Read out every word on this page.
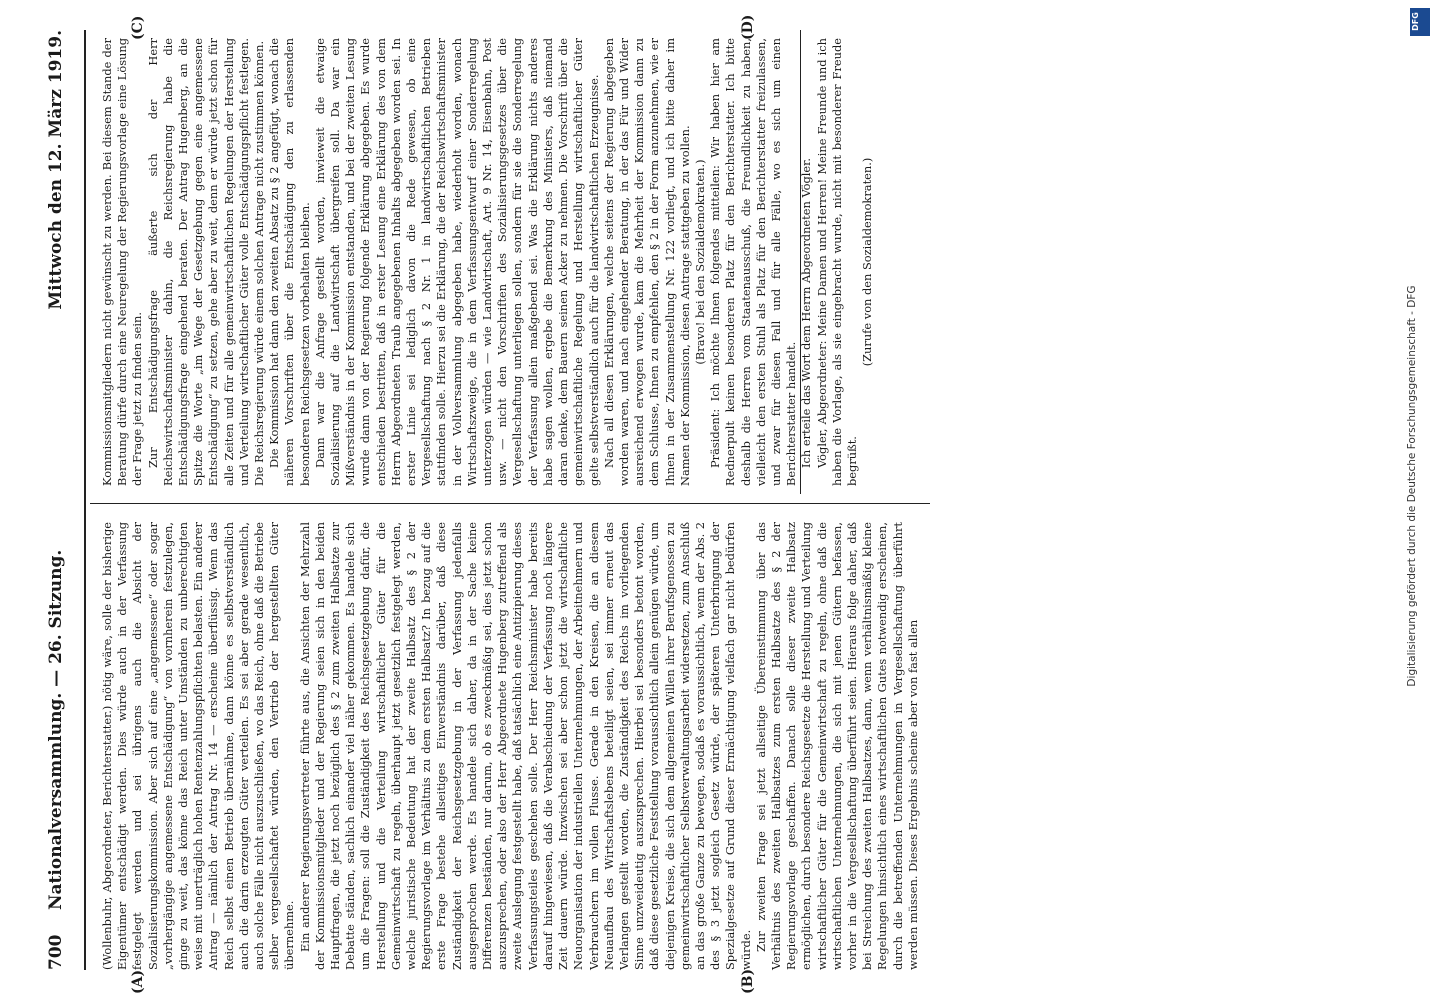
700
Nationalversammlung. — 26. Sitzung.
Mittwoch den 12. März 1919.

(Wollenbuhr, Abgeordneter, Berichterstatter.) nötig wäre, solle der bisherige Eigentümer entschädigt werden. Dies würde auch in der Verfassung festgelegt werden und sei übrigens auch die Absicht der Sozialisierungskommission. Aber sich auf eine „angemessene“ oder sogar „vorhergängige angemessene Entschädigung“ von vornherein festzulegen, ginge zu weit, das könne das Reich unter Umständen zu unberechtigten weise mit unerträglich hohen Rentenzahlungspflichten belasten. Ein anderer Antrag — nämlich der Antrag Nr. 14 — erscheine überflüssig. Wenn das Reich selbst einen Betrieb übernähme, dann könne es selbstverständlich auch die darin erzeugten Güter verteilen. Es sei aber gerade wesentlich, auch solche Fälle nicht auszuschließen, wo das Reich, ohne daß die Betriebe selber vergesellschaftet würden, den Vertrieb der hergestellten Güter übernehme. Ein anderer Regierungsvertreter führte aus, die Ansichten der Mehrzahl der Kommissionsmitglieder und der Regierung seien sich in den beiden Hauptfragen, die jetzt noch bezüglich des § 2 zum zweiten Halbsatze zur Debatte ständen, sachlich einander viel näher gekommen. Es handele sich um die Fragen: soll die Zuständigkeit des Reichsgesetzgebung dafür, die Herstellung und die Verteilung wirtschaftlicher Güter für die Gemeinwirtschaft zu regeln, überhaupt jetzt gesetzlich festgelegt werden, welche juristische Bedeutung hat der zweite Halbsatz des § 2 der Regierungsvorlage im Verhältnis zu dem ersten Halbsatz? In bezug auf die erste Frage bestehe allseitiges Einverständnis darüber, daß diese Zuständigkeit der Reichsgesetzgebung in der Verfassung jedenfalls ausgesprochen werde. Es handele sich daher, da in der Sache keine Differenzen beständen, nur darum, ob es zweckmäßig sei, dies jetzt schon auszusprechen, oder also der Herr Abgeordnete Hugenberg zutreffend als zweite Auslegung festgestellt habe, daß tatsächlich eine Antizipierung dieses Verfassungsteiles geschehen solle. Der Herr Reichsminister habe bereits darauf hingewiesen, daß die Verabschiedung der Verfassung noch längere Zeit dauern würde. Inzwischen sei aber schon jetzt die wirtschaftliche Neuorganisation der industriellen Unternehmungen, der Arbeitnehmern und Verbrauchern im vollen Flusse. Gerade in den Kreisen, die an diesem Neuaufbau des Wirtschaftslebens beteiligt seien, sei immer erneut das Verlangen gestellt worden, die Zuständigkeit des Reichs im vorliegenden Sinne unzweideutig auszusprechen. Hierbei sei besonders betont worden, daß diese gesetzliche Feststellung voraussichtlich allein genügen würde, um diejenigen Kreise, die sich dem allgemeinen Willen ihrer Berufsgenossen zu gemeinwirtschaftlicher Selbstverwaltungsarbeit widersetzen, zum Anschluß an das große Ganze zu bewegen, sodaß es voraussichtlich, wenn der Abs. 2 des § 3 jetzt sogleich Gesetz würde, der späteren Unterbringung der Spezialgesetze auf Grund dieser Ermächtigung vielfach gar nicht bedürfen würde. Zur zweiten Frage sei jetzt allseitige Übereinstimmung über das Verhältnis des zweiten Halbsatzes zum ersten Halbsatze des § 2 der Regierungsvorlage geschaffen. Danach solle dieser zweite Halbsatz ermöglichen, durch besondere Reichsgesetze die Herstellung und Verteilung wirtschaftlicher Güter für die Gemeinwirtschaft zu regeln, ohne daß die wirtschaftlichen Unternehmungen, die sich mit jenen Gütern befassen, vorher in die Vergesellschaftung überführt seien. Hieraus folge daher, daß bei Streichung des zweiten Halbsatzes, dann, wenn verhältnismäßig kleine Regelungen hinsichtlich eines wirtschaftlichen Gutes notwendig erscheinen, durch die betreffenden Unternehmungen in Vergesellschaftung überführt werden müssen. Dieses Ergebnis scheine aber von fast allen

Kommissionsmitgliedern nicht gewünscht zu werden. Bei diesem Stande der Beratung dürfe durch eine Neuregelung der Regierungsvorlage eine Lösung der Frage jetzt zu finden sein. Zur Entschädigungsfrage äußerte sich der Herr Reichswirtschaftsminister dahin, die Reichsregierung habe die Entschädigungsfrage eingehend beraten. Der Antrag Hugenberg, an die Spitze die Worte „im Wege der Gesetzgebung gegen eine angemessene Entschädigung“ zu setzen, gehe aber zu weit, denn er würde jetzt schon für alle Zeiten und für alle gemeinwirtschaftlichen Regelungen der Herstellung und Verteilung wirtschaftlicher Güter volle Entschädigungspflicht festlegen. Die Reichsregierung würde einem solchen Antrage nicht zustimmen können. Die Kommission hat dann den zweiten Absatz zu § 2 angefügt, wonach die näheren Vorschriften über die Entschädigung den zu erlassenden besonderen Reichsgesetzen vorbehalten bleiben. Dann war die Anfrage gestellt worden, inwieweit die etwaige Sozialisierung auf die Landwirtschaft übergreifen soll. Da war ein Mißverständnis in der Kommission entstanden, und bei der zweiten Lesung wurde dann von der Regierung folgende Erklärung abgegeben. Es wurde entschieden bestritten, daß in erster Lesung eine Erklärung des von dem Herrn Abgeordneten Traub angegebenen Inhalts abgegeben worden sei. In erster Linie sei lediglich davon die Rede gewesen, ob eine Vergesellschaftung nach § 2 Nr. 1 in landwirtschaftlichen Betrieben stattfinden solle. Hierzu sei die Erklärung, die der Reichswirtschaftsminister in der Vollversammlung abgegeben habe, wiederholt worden, wonach Wirtschaftszweige, die in dem Verfassungsentwurf einer Sonderregelung unterzogen würden — wie Landwirtschaft, Art. 9 Nr. 14, Eisenbahn, Post usw. — nicht den Vorschriften des Sozialisierungsgesetzes über die Vergesellschaftung unterliegen sollen, sondern für sie die Sonderregelung der Verfassung allein maßgebend sei. Was die Erklärung nichts anderes habe sagen wollen, ergebe die Bemerkung des Ministers, daß niemand daran denke, dem Bauern seinen Acker zu nehmen. Die Vorschrift über die gemeinwirtschaftliche Regelung und Herstellung wirtschaftlicher Güter gelte selbstverständlich auch für die landwirtschaftlichen Erzeugnisse. Nach all diesen Erklärungen, welche seitens der Regierung abgegeben worden waren, und nach eingehender Beratung, in der das Für und Wider ausreichend erwogen wurde, kam die Mehrheit der Kommission dann zu dem Schlusse, Ihnen zu empfehlen, den § 2 in der Form anzunehmen, wie er Ihnen in der Zusammenstellung Nr. 122 vorliegt, und ich bitte daher im Namen der Kommission, diesen Antrage stattgeben zu wollen. (Bravo! bei den Sozialdemokraten.) Präsident: Ich möchte Ihnen folgendes mitteilen: Wir haben hier am Rednerpult keinen besonderen Platz für den Berichterstatter. Ich bitte deshalb die Herren vom Staatenausschuß, die Freundlichkeit zu haben, vielleicht den ersten Stuhl als Platz für den Berichterstatter freizulassen, und zwar für diesen Fall und für alle Fälle, wo es sich um einen Berichterstatter handelt. Ich erteile das Wort dem Herrn Abgeordneten Vögler. Vögler, Abgeordneter: Meine Damen und Herren! Meine Freunde und ich haben die Vorlage, als sie eingebracht wurde, nicht mit besonderer Freude begrüßt.

(Zurufe von den Sozialdemokraten.)

(A)	(B)
(C)	(D)
Digitalisierung gefördert durch die Deutsche Forschungsgemeinschaft - DFG
DFG
